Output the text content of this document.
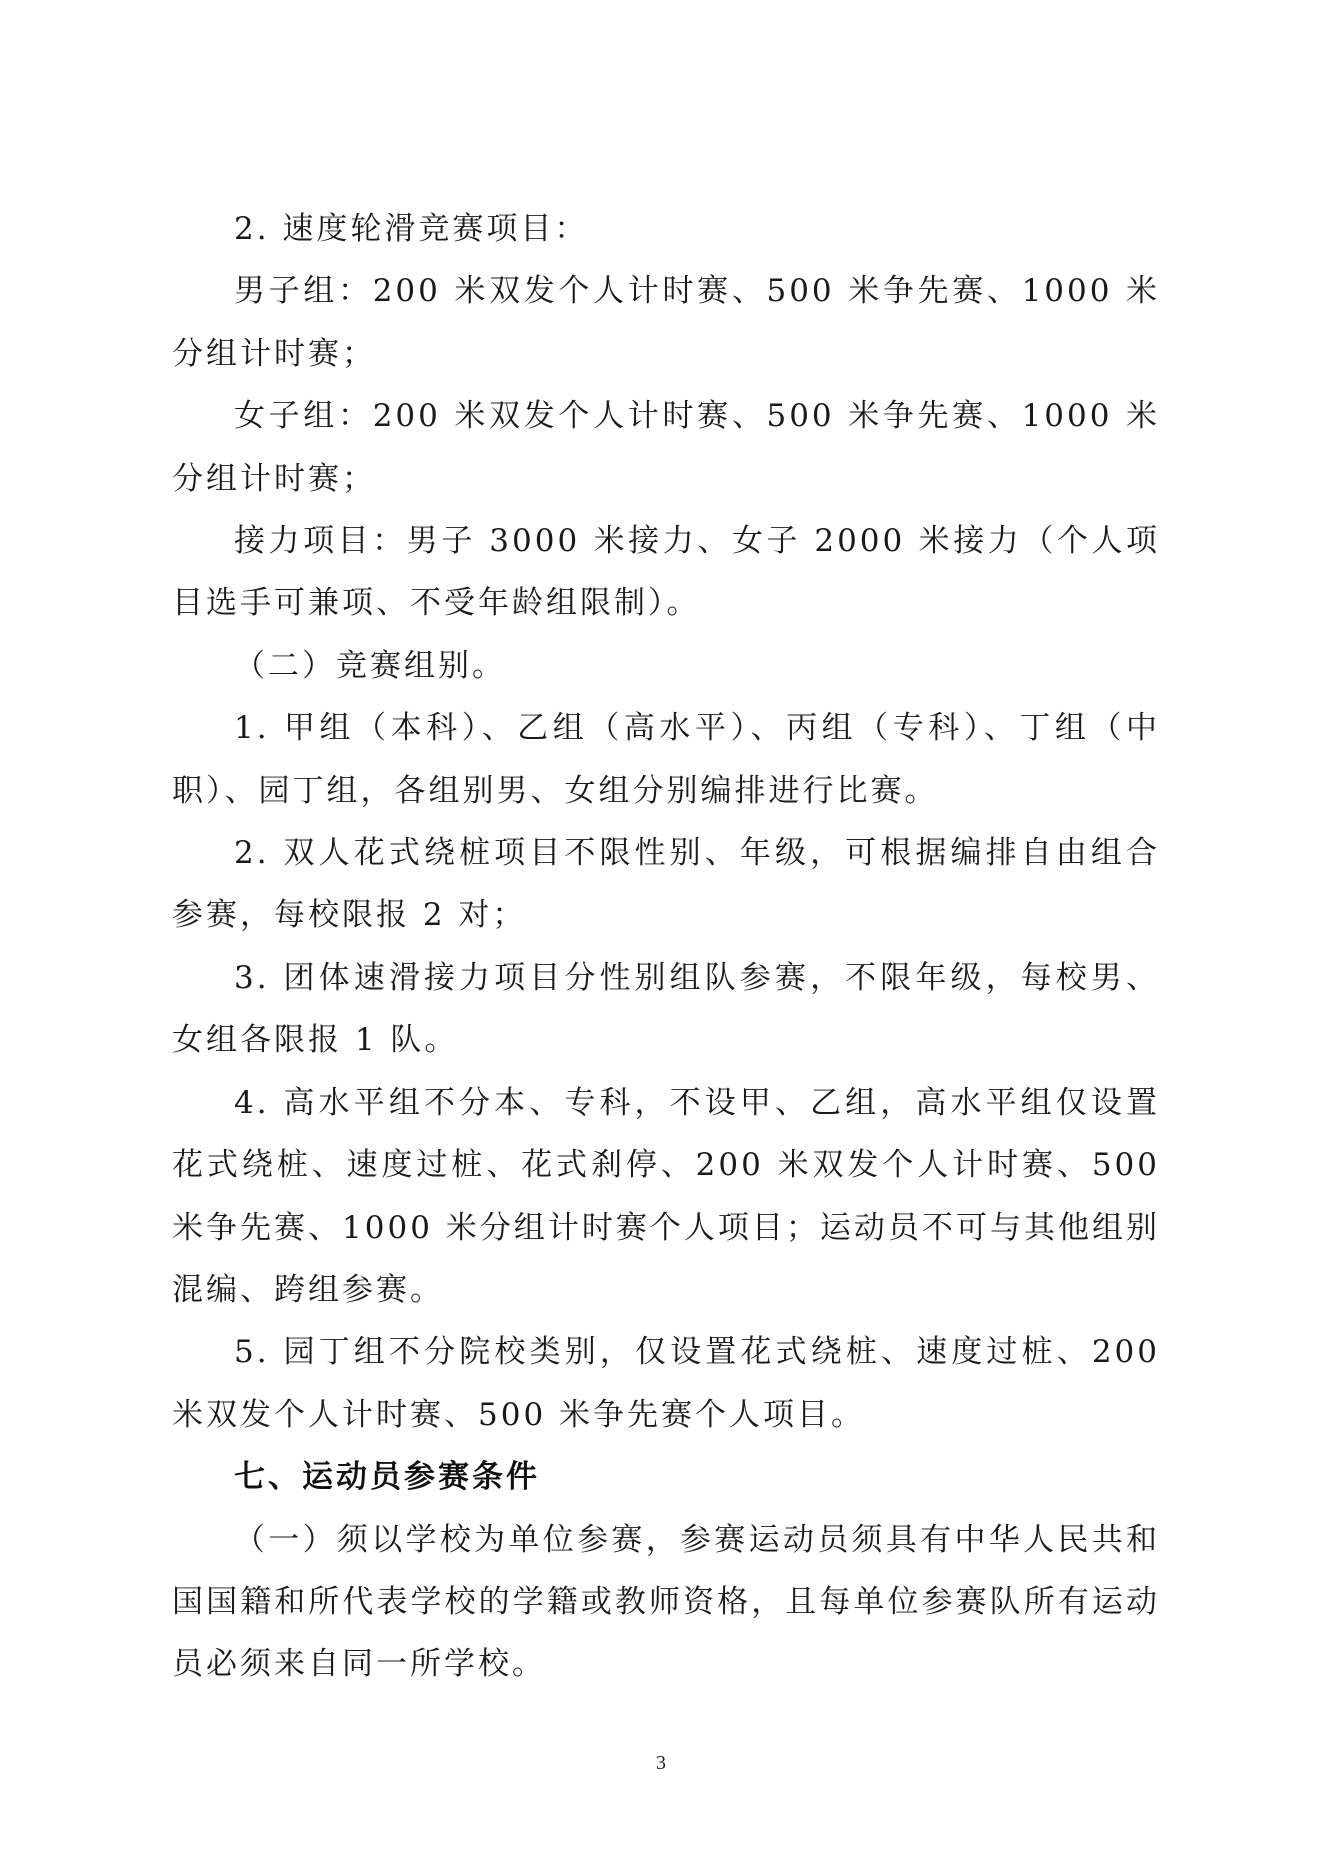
2. 速度轮滑竞赛项目：

男子组：200 米双发个人计时赛、500 米争先赛、1000 米分组计时赛；

女子组：200 米双发个人计时赛、500 米争先赛、1000 米分组计时赛；

接力项目：男子 3000 米接力、女子 2000 米接力（个人项目选手可兼项、不受年龄组限制）。

（二）竞赛组别。

1. 甲组（本科）、乙组（高水平）、丙组（专科）、丁组（中职）、园丁组，各组别男、女组分别编排进行比赛。

2. 双人花式绕桩项目不限性别、年级，可根据编排自由组合参赛，每校限报 2 对；

3. 团体速滑接力项目分性别组队参赛，不限年级，每校男、女组各限报 1 队。

4. 高水平组不分本、专科，不设甲、乙组，高水平组仅设置花式绕桩、速度过桩、花式刹停、200 米双发个人计时赛、500 米争先赛、1000 米分组计时赛个人项目；运动员不可与其他组别混编、跨组参赛。

5. 园丁组不分院校类别，仅设置花式绕桩、速度过桩、200 米双发个人计时赛、500 米争先赛个人项目。

七、运动员参赛条件

（一）须以学校为单位参赛，参赛运动员须具有中华人民共和国国籍和所代表学校的学籍或教师资格，且每单位参赛队所有运动员必须来自同一所学校。

3
